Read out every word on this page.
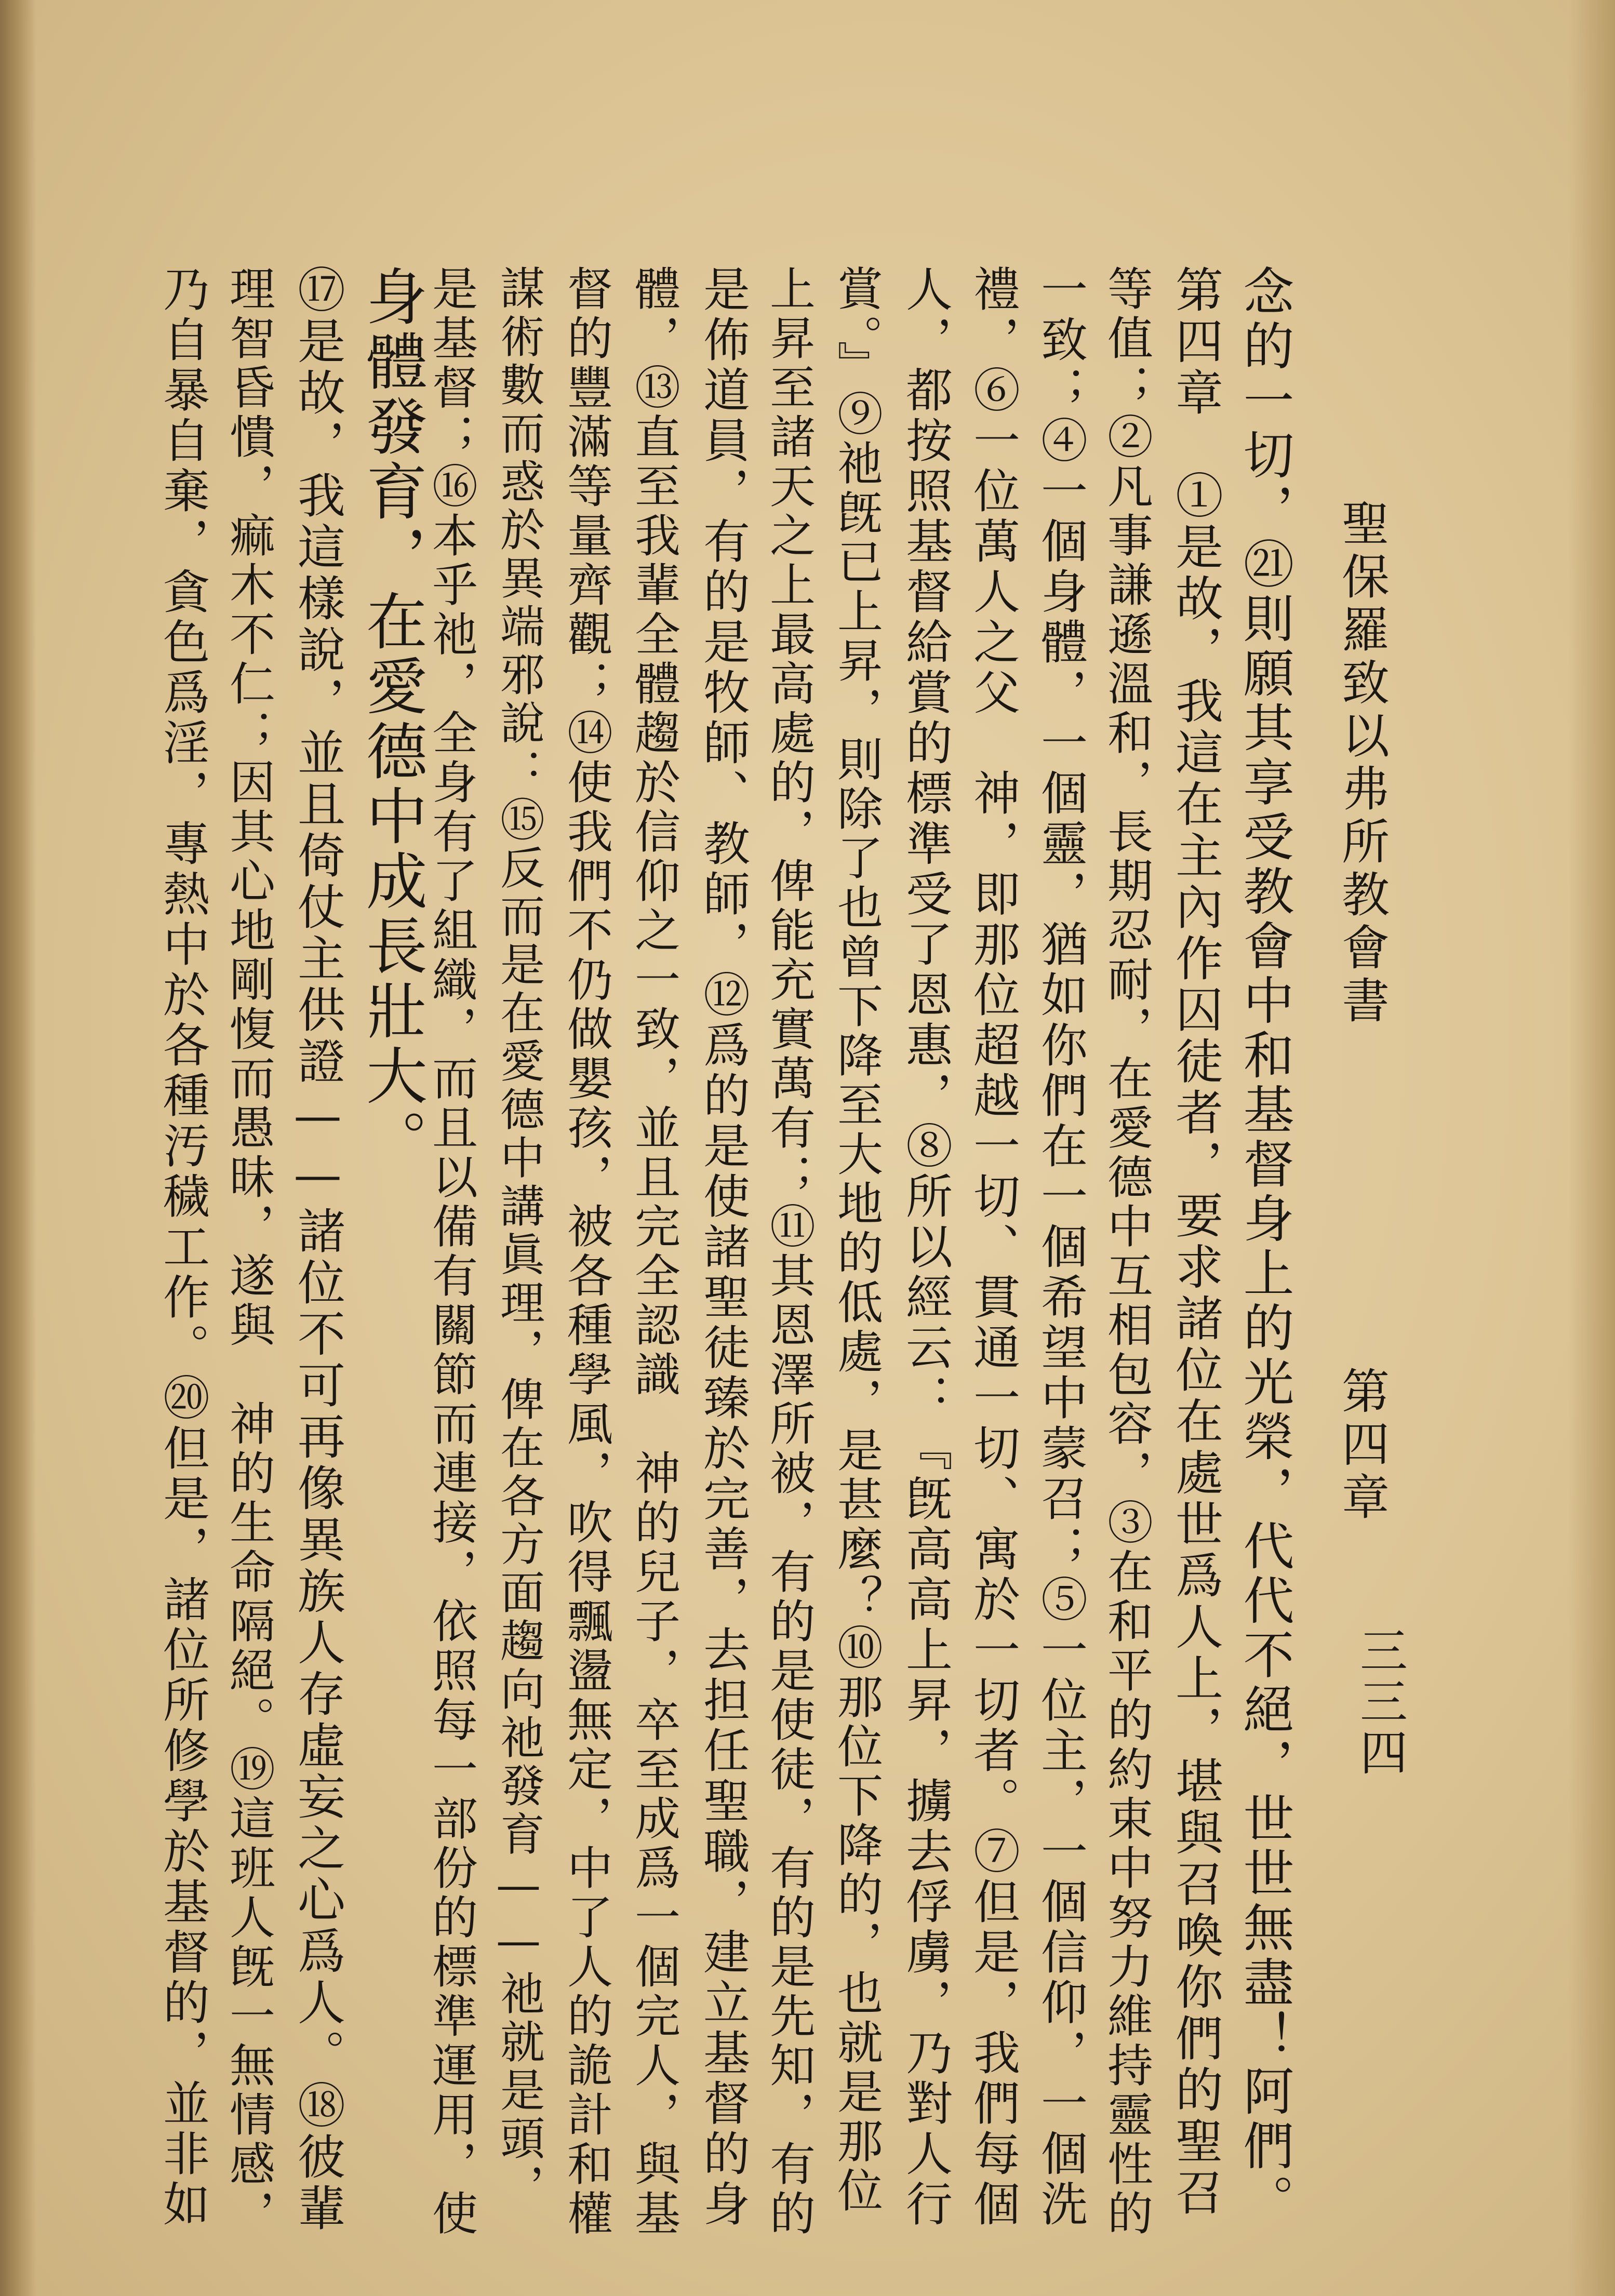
聖保羅致以弗所教會書
第四章
三三四
念的一切，㉑則願其享受教會中和基督身上的光榮，代代不絕，世世無盡！阿們。
第四章　①是故，我這在主內作囚徒者，要求諸位在處世爲人上，堪與召喚你們的聖召
等值；②凡事謙遜溫和，長期忍耐，在愛德中互相包容，③在和平的約束中努力維持靈性的
一致；④一個身體，一個靈，猶如你們在一個希望中蒙召；⑤一位主，一個信仰，一個洗
禮，⑥一位萬人之父　神，即那位超越一切、貫通一切、寓於一切者。⑦但是，我們每個
人，都按照基督給賞的標準受了恩惠，⑧所以經云：『旣高高上昇，擄去俘虜，乃對人行
賞。』⑨祂旣已上昇，則除了也曾下降至大地的低處，是甚麼？⑩那位下降的，也就是那位
上昇至諸天之上最高處的，俾能充實萬有；⑪其恩澤所被，有的是使徒，有的是先知，有的
是佈道員，有的是牧師、教師，⑫爲的是使諸聖徒臻於完善，去担任聖職，建立基督的身
體，⑬直至我輩全體趨於信仰之一致，並且完全認識　神的兒子，卒至成爲一個完人，與基
督的豐滿等量齊觀；⑭使我們不仍做嬰孩，被各種學風，吹得飄盪無定，中了人的詭計和權
謀術數而惑於異端邪說：⑮反而是在愛德中講眞理，俾在各方面趨向祂發育——祂就是頭，
是基督；⑯本乎祂，全身有了組織，而且以備有關節而連接，依照每一部份的標準運用，使
身體發育，在愛德中成長壯大。
⑰是故，我這樣說，並且倚仗主供證——諸位不可再像異族人存虛妄之心爲人。⑱彼輩
理智昏憒，痲木不仁；因其心地剛愎而愚昧，遂與　神的生命隔絕。⑲這班人旣一無情感，
乃自暴自棄，貪色爲淫，專熱中於各種汚穢工作。⑳但是，諸位所修學於基督的，並非如
